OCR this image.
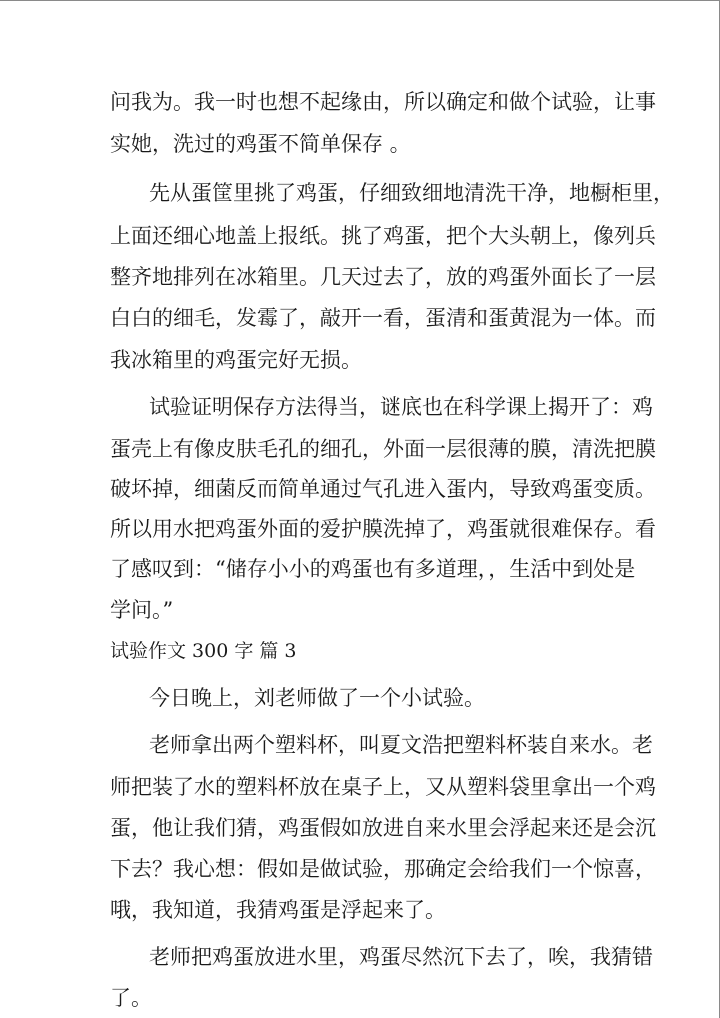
问我为。我一时也想不起缘由，所以确定和做个试验，让事
实她，洗过的鸡蛋不简单保存 。
先从蛋筐里挑了鸡蛋，仔细致细地清洗干净，地橱柜里，
上面还细心地盖上报纸。挑了鸡蛋，把个大头朝上，像列兵
整齐地排列在冰箱里。几天过去了，放的鸡蛋外面长了一层
白白的细毛，发霉了，敲开一看，蛋清和蛋黄混为一体。而
我冰箱里的鸡蛋完好无损。
试验证明保存方法得当，谜底也在科学课上揭开了：鸡
蛋壳上有像皮肤毛孔的细孔，外面一层很薄的膜，清洗把膜
破坏掉，细菌反而简单通过气孔进入蛋内，导致鸡蛋变质。
所以用水把鸡蛋外面的爱护膜洗掉了，鸡蛋就很难保存。看
了感叹到：“储存小小的鸡蛋也有多道理，，生活中到处是
学问。”
试验作文 300 字 篇 3
今日晚上，刘老师做了一个小试验。
老师拿出两个塑料杯，叫夏文浩把塑料杯装自来水。老
师把装了水的塑料杯放在桌子上，又从塑料袋里拿出一个鸡
蛋，他让我们猜，鸡蛋假如放进自来水里会浮起来还是会沉
下去？我心想：假如是做试验，那确定会给我们一个惊喜，
哦，我知道，我猜鸡蛋是浮起来了。
老师把鸡蛋放进水里，鸡蛋尽然沉下去了，唉，我猜错
了。
